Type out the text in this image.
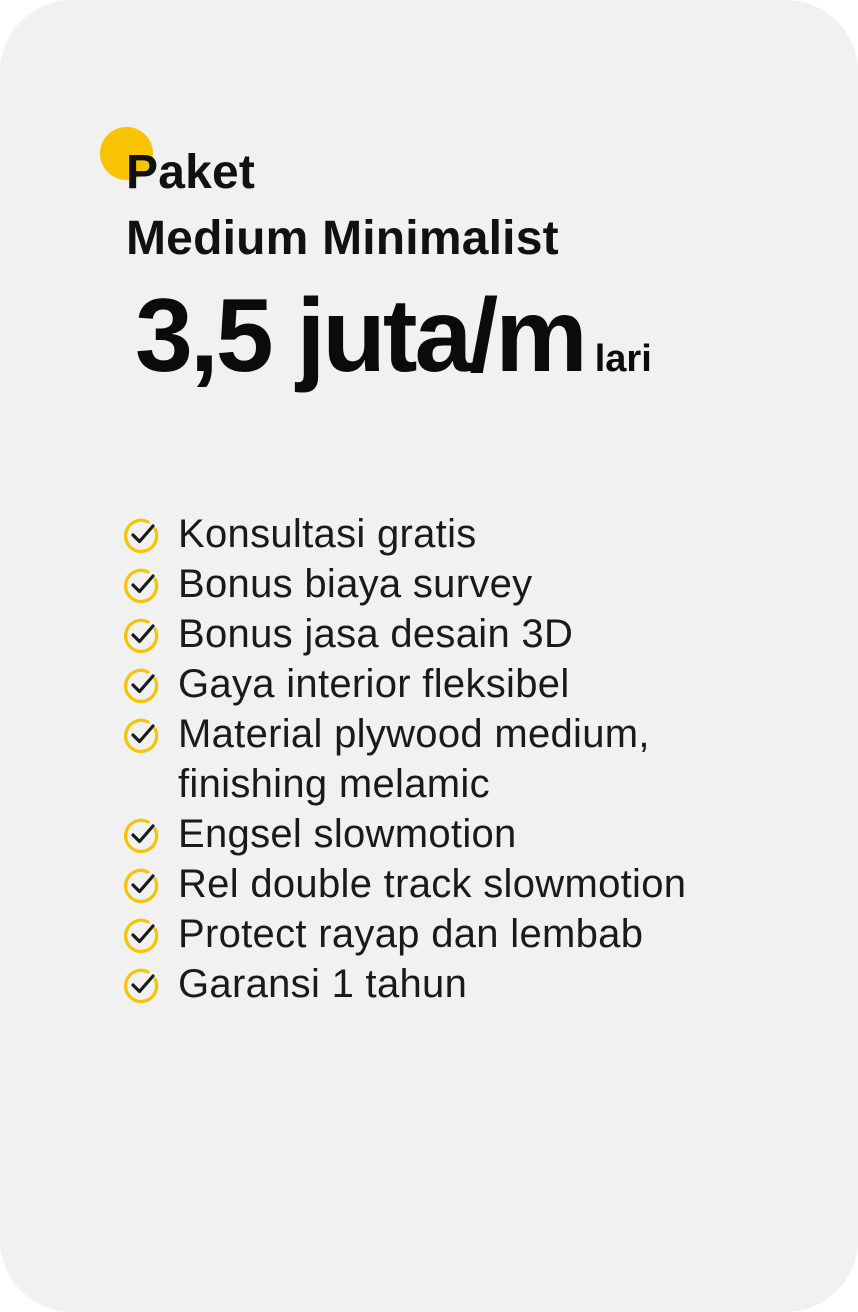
Paket
Medium Minimalist
3,5 juta/m lari
Konsultasi gratis
Bonus biaya survey
Bonus jasa desain 3D
Gaya interior fleksibel
Material plywood medium, finishing melamic
Engsel slowmotion
Rel double track slowmotion
Protect rayap dan lembab
Garansi 1 tahun
